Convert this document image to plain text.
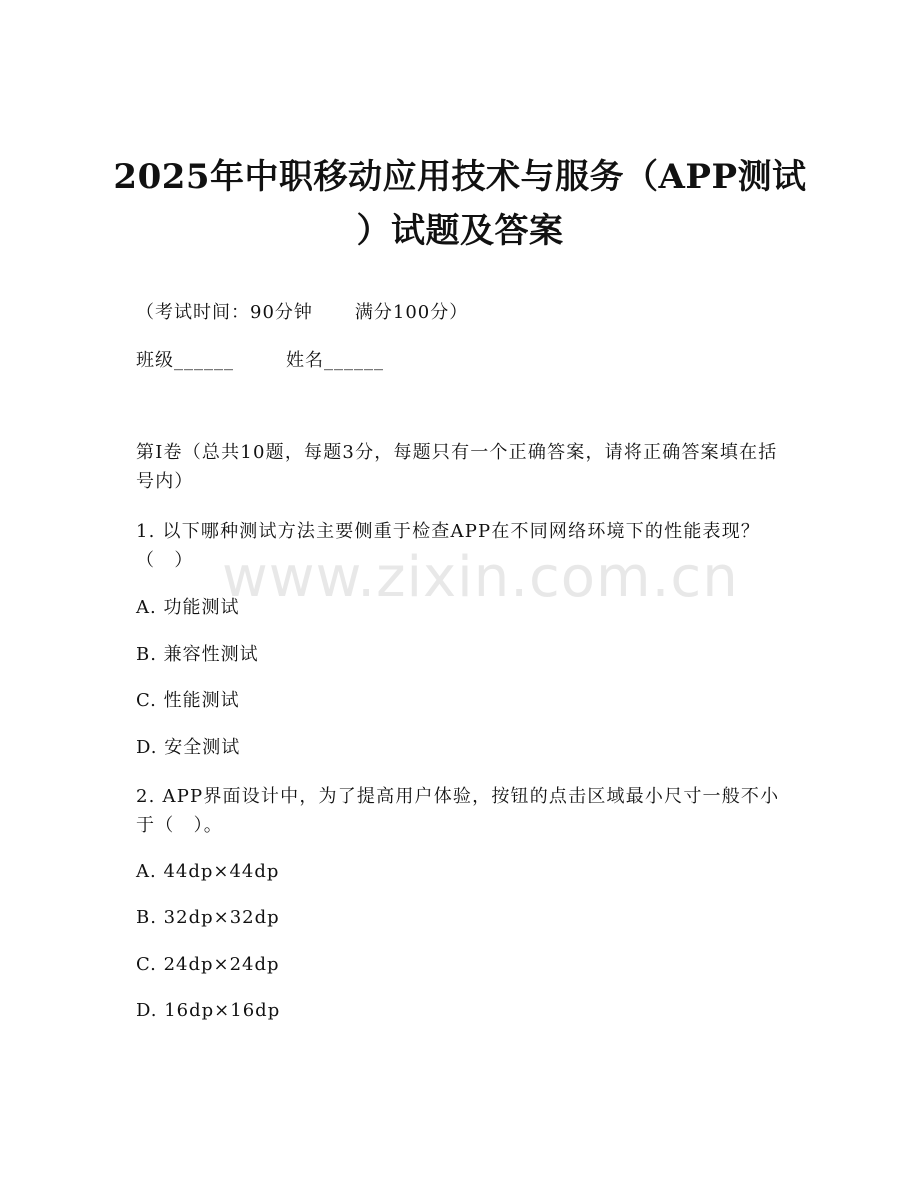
2025年中职移动应用技术与服务（APP测试
）试题及答案
（考试时间：90分钟 满分100分）
班级______	姓名______
第I卷（总共10题，每题3分，每题只有一个正确答案，请将正确答案填在括号内）
1. 以下哪种测试方法主要侧重于检查APP在不同网络环境下的性能表现？（　）
A. 功能测试
B. 兼容性测试
C. 性能测试
D. 安全测试
2. APP界面设计中，为了提高用户体验，按钮的点击区域最小尺寸一般不小于（　）。
A. 44dp×44dp
B. 32dp×32dp
C. 24dp×24dp
D. 16dp×16dp
www.zixin.com.cn
